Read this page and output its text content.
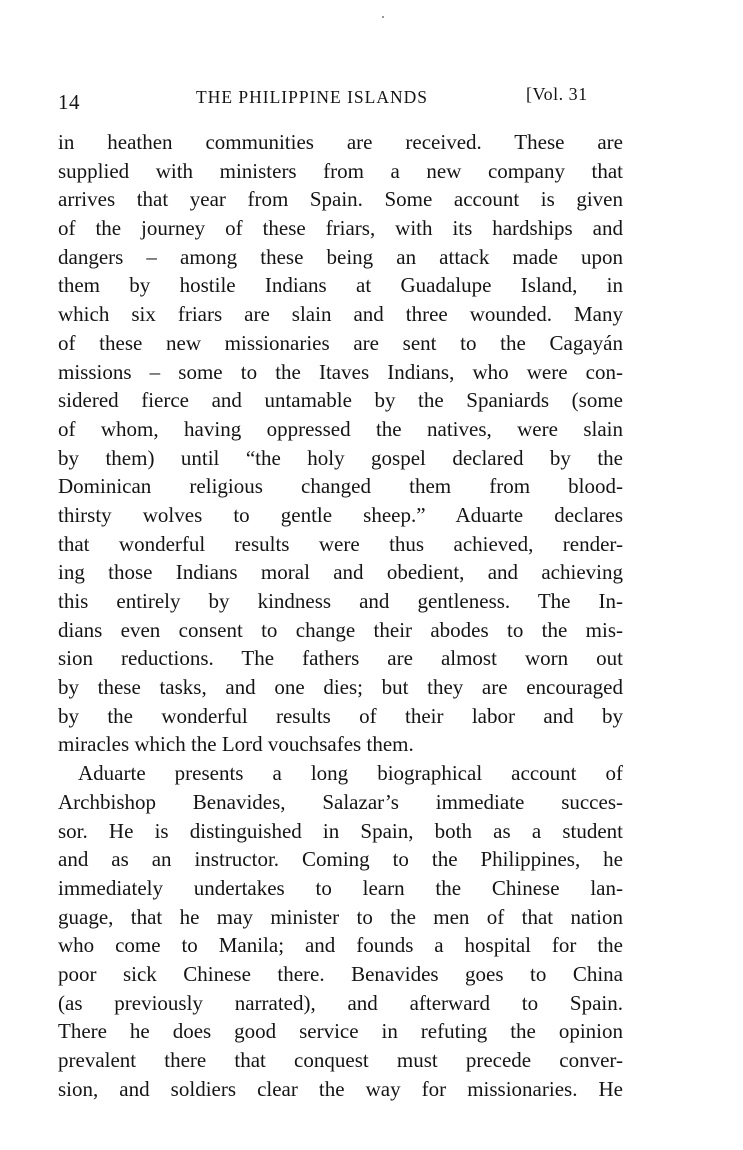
14	THE PHILIPPINE ISLANDS	[Vol. 31
in heathen communities are received. These are
supplied with ministers from a new company that
arrives that year from Spain. Some account is given
of the journey of these friars, with its hardships and
dangers – among these being an attack made upon
them by hostile Indians at Guadalupe Island, in
which six friars are slain and three wounded. Many
of these new missionaries are sent to the Cagayán
missions – some to the Itaves Indians, who were con-
sidered fierce and untamable by the Spaniards (some
of whom, having oppressed the natives, were slain
by them) until “the holy gospel declared by the
Dominican religious changed them from blood-
thirsty wolves to gentle sheep.” Aduarte declares
that wonderful results were thus achieved, render-
ing those Indians moral and obedient, and achieving
this entirely by kindness and gentleness. The In-
dians even consent to change their abodes to the mis-
sion reductions. The fathers are almost worn out
by these tasks, and one dies; but they are encouraged
by the wonderful results of their labor and by
miracles which the Lord vouchsafes them.
Aduarte presents a long biographical account of
Archbishop Benavides, Salazar’s immediate succes-
sor. He is distinguished in Spain, both as a student
and as an instructor. Coming to the Philippines, he
immediately undertakes to learn the Chinese lan-
guage, that he may minister to the men of that nation
who come to Manila; and founds a hospital for the
poor sick Chinese there. Benavides goes to China
(as previously narrated), and afterward to Spain.
There he does good service in refuting the opinion
prevalent there that conquest must precede conver-
sion, and soldiers clear the way for missionaries. He
